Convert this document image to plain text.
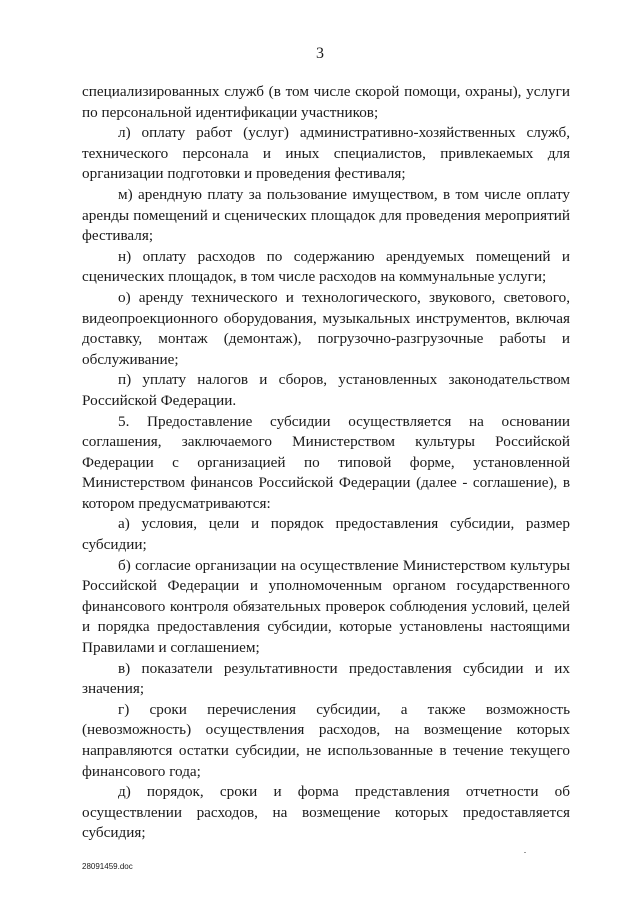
3

специализированных служб (в том числе скорой помощи, охраны), услуги по персональной идентификации участников;

л) оплату работ (услуг) административно-хозяйственных служб, технического персонала и иных специалистов, привлекаемых для организации подготовки и проведения фестиваля;

м) арендную плату за пользование имуществом, в том числе оплату аренды помещений и сценических площадок для проведения мероприятий фестиваля;

н) оплату расходов по содержанию арендуемых помещений и сценических площадок, в том числе расходов на коммунальные услуги;

о) аренду технического и технологического, звукового, светового, видеопроекционного оборудования, музыкальных инструментов, включая доставку, монтаж (демонтаж), погрузочно-разгрузочные работы и обслуживание;

п) уплату налогов и сборов, установленных законодательством Российской Федерации.

5. Предоставление субсидии осуществляется на основании соглашения, заключаемого Министерством культуры Российской Федерации с организацией по типовой форме, установленной Министерством финансов Российской Федерации (далее - соглашение), в котором предусматриваются:

а) условия, цели и порядок предоставления субсидии, размер субсидии;

б) согласие организации на осуществление Министерством культуры Российской Федерации и уполномоченным органом государственного финансового контроля обязательных проверок соблюдения условий, целей и порядка предоставления субсидии, которые установлены настоящими Правилами и соглашением;

в) показатели результативности предоставления субсидии и их значения;

г) сроки перечисления субсидии, а также возможность (невозможность) осуществления расходов, на возмещение которых направляются остатки субсидии, не использованные в течение текущего финансового года;

д) порядок, сроки и форма представления отчетности об осуществлении расходов, на возмещение которых предоставляется субсидия;

28091459.doc
